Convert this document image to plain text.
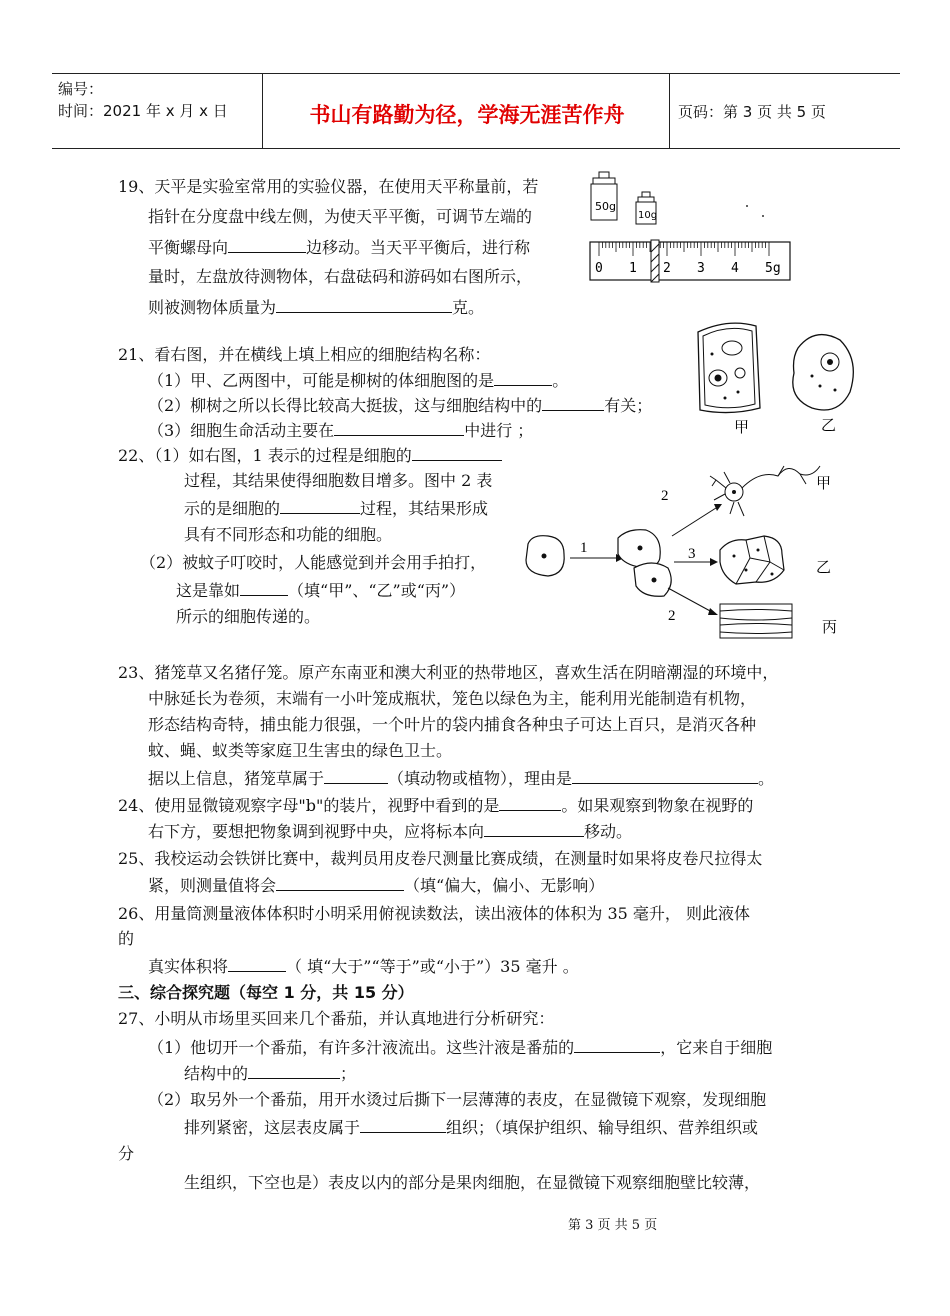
编号：
时间：2021 年 x 月 x 日	书山有路勤为径，学海无涯苦作舟	页码：第 3 页 共 5 页
19、天平是实验室常用的实验仪器，在使用天平称量前，若
指针在分度盘中线左侧，为使天平平衡，可调节左端的
平衡螺母向	边移动。当天平平衡后，进行称
量时，左盘放待测物体，右盘砝码和游码如右图所示，
则被测物体质量为	克。
50g
10g
0 1 2 3 4 5g
21、看右图，并在横线上填上相应的细胞结构名称：
（1）甲、乙两图中，可能是柳树的体细胞图的是	。
（2）柳树之所以长得比较高大挺拔，这与细胞结构中的	有关；
（3）细胞生命活动主要在	中进行 ；	甲	乙
22、（1）如右图，1 表示的过程是细胞的
过程，其结果使得细胞数目增多。图中 2 表
示的是细胞的	过程，其结果形成
具有不同形态和功能的细胞。
（2）被蚊子叮咬时，人能感觉到并会用手拍打，
这是靠如	（填“甲”、“乙”或“丙”）
所示的细胞传递的。
1
2
甲
3
乙
2
丙
23、猪笼草又名猪仔笼。原产东南亚和澳大利亚的热带地区，喜欢生活在阴暗潮湿的环境中，
中脉延长为卷须，末端有一小叶笼成瓶状，笼色以绿色为主，能利用光能制造有机物，
形态结构奇特，捕虫能力很强，一个叶片的袋内捕食各种虫子可达上百只，是消灭各种
蚊、蝇、蚁类等家庭卫生害虫的绿色卫士。
据以上信息，猪笼草属于	（填动物或植物），理由是	。
24、使用显微镜观察字母"b"的装片，视野中看到的是	。如果观察到物象在视野的
右下方，要想把物象调到视野中央，应将标本向	移动。
25、我校运动会铁饼比赛中，裁判员用皮卷尺测量比赛成绩，在测量时如果将皮卷尺拉得太
紧，则测量值将会	（填“偏大，偏小、无影响）
26、用量筒测量液体体积时小明采用俯视读数法，读出液体的体积为 35 毫升， 则此液体
的
真实体积将	（ 填“大于”“等于”或“小于”）35 毫升 。
三、综合探究题（每空 1 分，共 15 分）
27、小明从市场里买回来几个番茄，并认真地进行分析研究：
（1）他切开一个番茄，有许多汁液流出。这些汁液是番茄的	，它来自于细胞
结构中的	；
（2）取另外一个番茄，用开水烫过后撕下一层薄薄的表皮，在显微镜下观察，发现细胞
排列紧密，这层表皮属于	组织；（填保护组织、输导组织、营养组织或
分
生组织，下空也是）表皮以内的部分是果肉细胞，在显微镜下观察细胞壁比较薄，
第 3 页 共 5 页
